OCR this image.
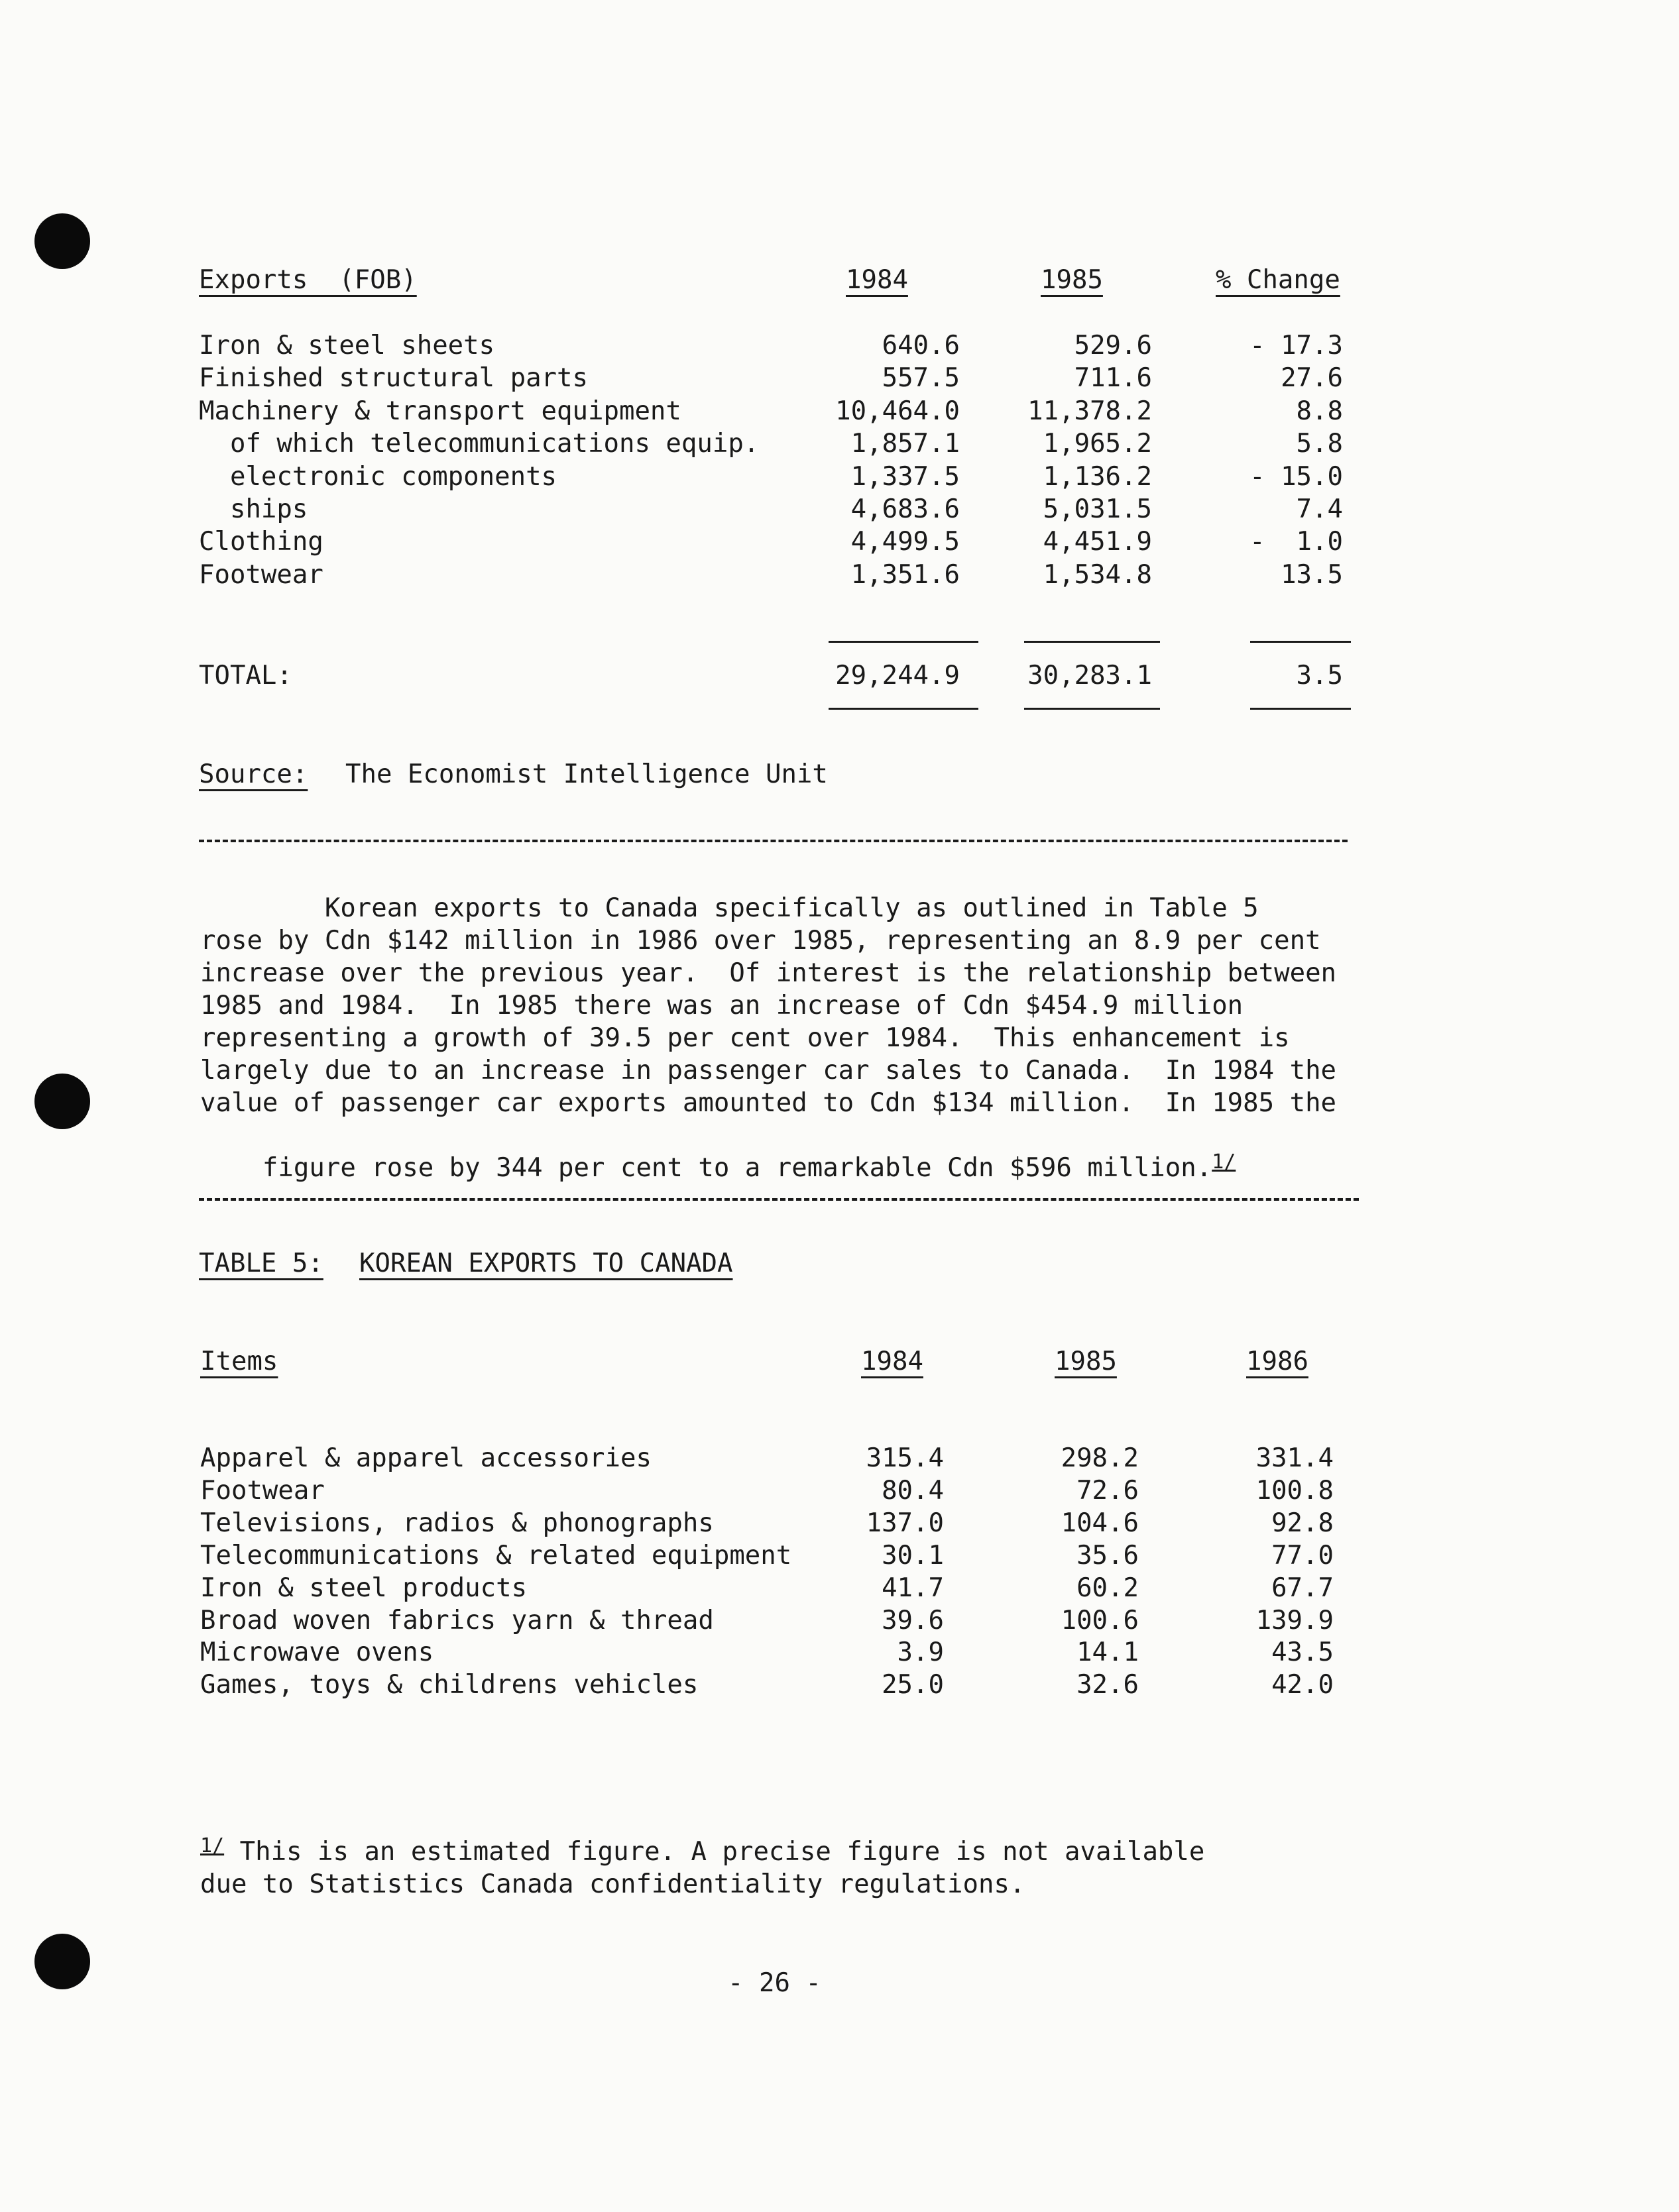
Exports  (FOB)	1984	1985	% Change
Iron & steel sheets	640.6	529.6	- 17.3
Finished structural parts	557.5	711.6	27.6
Machinery & transport equipment	10,464.0	11,378.2	8.8
of which telecommunications equip.	1,857.1	1,965.2	5.8
electronic components	1,337.5	1,136.2	- 15.0
ships	4,683.6	5,031.5	7.4
Clothing	4,499.5	4,451.9	-  1.0
Footwear	1,351.6	1,534.8	13.5
TOTAL:	29,244.9	30,283.1	3.5
Source: The Economist Intelligence Unit
Korean exports to Canada specifically as outlined in Table 5
rose by Cdn $142 million in 1986 over 1985, representing an 8.9 per cent
increase over the previous year.  Of interest is the relationship between
1985 and 1984.  In 1985 there was an increase of Cdn $454.9 million
representing a growth of 39.5 per cent over 1984.  This enhancement is
largely due to an increase in passenger car sales to Canada.  In 1984 the
value of passenger car exports amounted to Cdn $134 million.  In 1985 the

figure rose by 344 per cent to a remarkable Cdn $596 million.$^{1/}$

TABLE 5: KOREAN EXPORTS TO CANADA
Items	1984	1985	1986
Apparel & apparel accessories	315.4	298.2	331.4
Footwear	80.4	72.6	100.8
Televisions, radios & phonographs	137.0	104.6	92.8
Telecommunications & related equipment	30.1	35.6	77.0
Iron & steel products	41.7	60.2	67.7
Broad woven fabrics yarn & thread	39.6	100.6	139.9
Microwave ovens	3.9	14.1	43.5
Games, toys & childrens vehicles	25.0	32.6	42.0
$^{1/}$ This is an estimated figure. A precise figure is not available
due to Statistics Canada confidentiality regulations.
- 26 -
